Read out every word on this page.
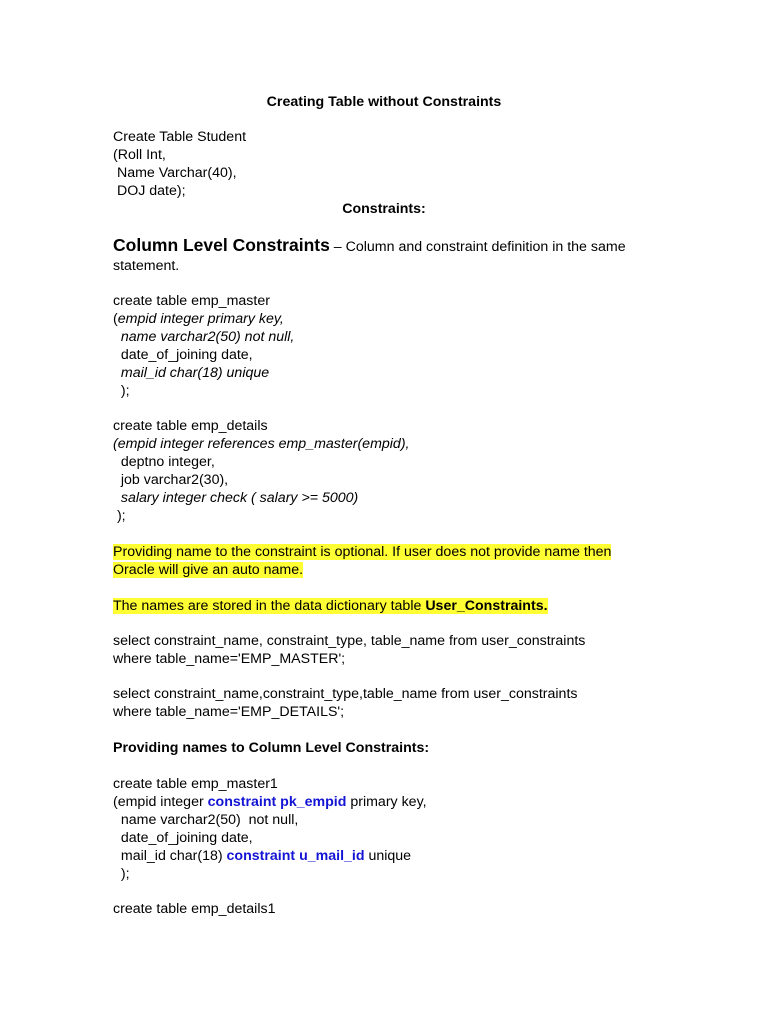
Creating Table without Constraints
Create Table Student
(Roll Int,
Name Varchar(40),
DOJ date);
Constraints:
Column Level Constraints – Column and constraint definition in the same
statement.
create table emp_master
(empid integer primary key,
name varchar2(50) not null,
date_of_joining date,
mail_id char(18) unique
);
create table emp_details
(empid integer references emp_master(empid),
deptno integer,
job varchar2(30),
salary integer check ( salary >= 5000)
);
Providing name to the constraint is optional. If user does not provide name then
Oracle will give an auto name.
The names are stored in the data dictionary table User_Constraints.
select constraint_name, constraint_type, table_name from user_constraints
where table_name='EMP_MASTER';
select constraint_name,constraint_type,table_name from user_constraints
where table_name='EMP_DETAILS';
Providing names to Column Level Constraints:
create table emp_master1
(empid integer constraint pk_empid primary key,
name varchar2(50)  not null,
date_of_joining date,
mail_id char(18) constraint u_mail_id unique
);
create table emp_details1
